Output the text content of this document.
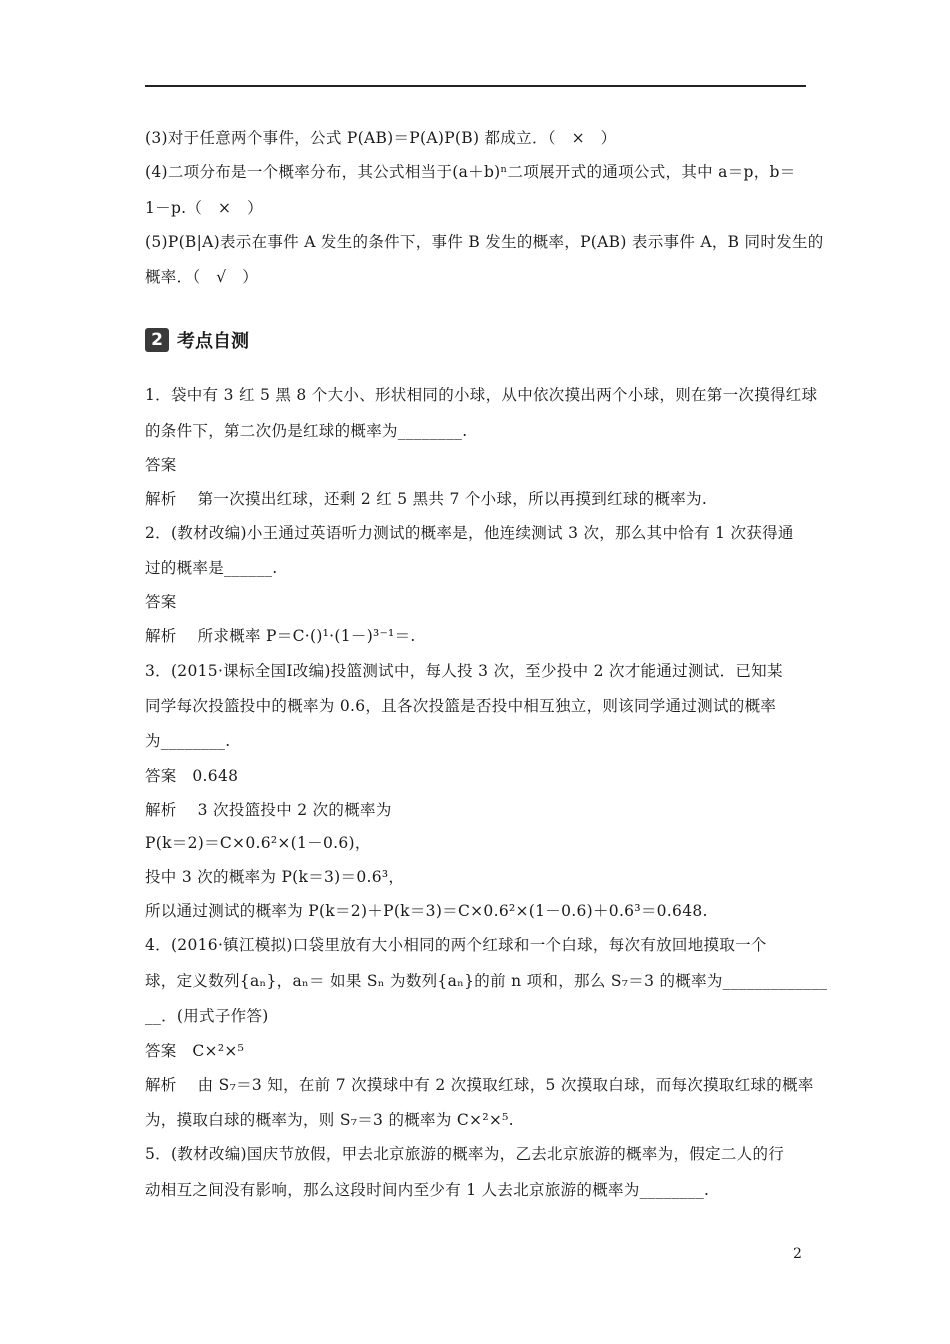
(3)对于任意两个事件，公式 P(AB)＝P(A)P(B) 都成立．（　×　）
(4)二项分布是一个概率分布，其公式相当于(a＋b)ⁿ二项展开式的通项公式，其中 a＝p，b＝
1－p.（　×　）
(5)P(B|A)表示在事件 A 发生的条件下，事件 B 发生的概率，P(AB) 表示事件 A，B 同时发生的
概率．（　√　）
1．袋中有 3 红 5 黑 8 个大小、形状相同的小球，从中依次摸出两个小球，则在第一次摸得红球
的条件下，第二次仍是红球的概率为________.
答案
解析　 第一次摸出红球，还剩 2 红 5 黑共 7 个小球，所以再摸到红球的概率为.
2．(教材改编)小王通过英语听力测试的概率是，他连续测试 3 次，那么其中恰有 1 次获得通
过的概率是______.
答案
解析　 所求概率 P＝C·()¹·(1－)³⁻¹＝.
3．(2015·课标全国Ⅰ改编)投篮测试中，每人投 3 次，至少投中 2 次才能通过测试．已知某
同学每次投篮投中的概率为 0.6，且各次投篮是否投中相互独立，则该同学通过测试的概率
为________.
答案　0.648
解析　 3 次投篮投中 2 次的概率为
P(k＝2)＝C×0.6²×(1－0.6)，
投中 3 次的概率为 P(k＝3)＝0.6³，
所以通过测试的概率为 P(k＝2)＋P(k＝3)＝C×0.6²×(1－0.6)＋0.6³＝0.648.
4．(2016·镇江模拟)口袋里放有大小相同的两个红球和一个白球，每次有放回地摸取一个
球，定义数列{aₙ}，aₙ＝ 如果 Sₙ 为数列{aₙ}的前 n 项和，那么 S₇＝3 的概率为_____________
__．(用式子作答)
答案　C×²×⁵
解析　 由 S₇＝3 知，在前 7 次摸球中有 2 次摸取红球，5 次摸取白球，而每次摸取红球的概率
为，摸取白球的概率为，则 S₇＝3 的概率为 C×²×⁵.
5．(教材改编)国庆节放假，甲去北京旅游的概率为，乙去北京旅游的概率为，假定二人的行
动相互之间没有影响，那么这段时间内至少有 1 人去北京旅游的概率为________.
2 考点自测
2
